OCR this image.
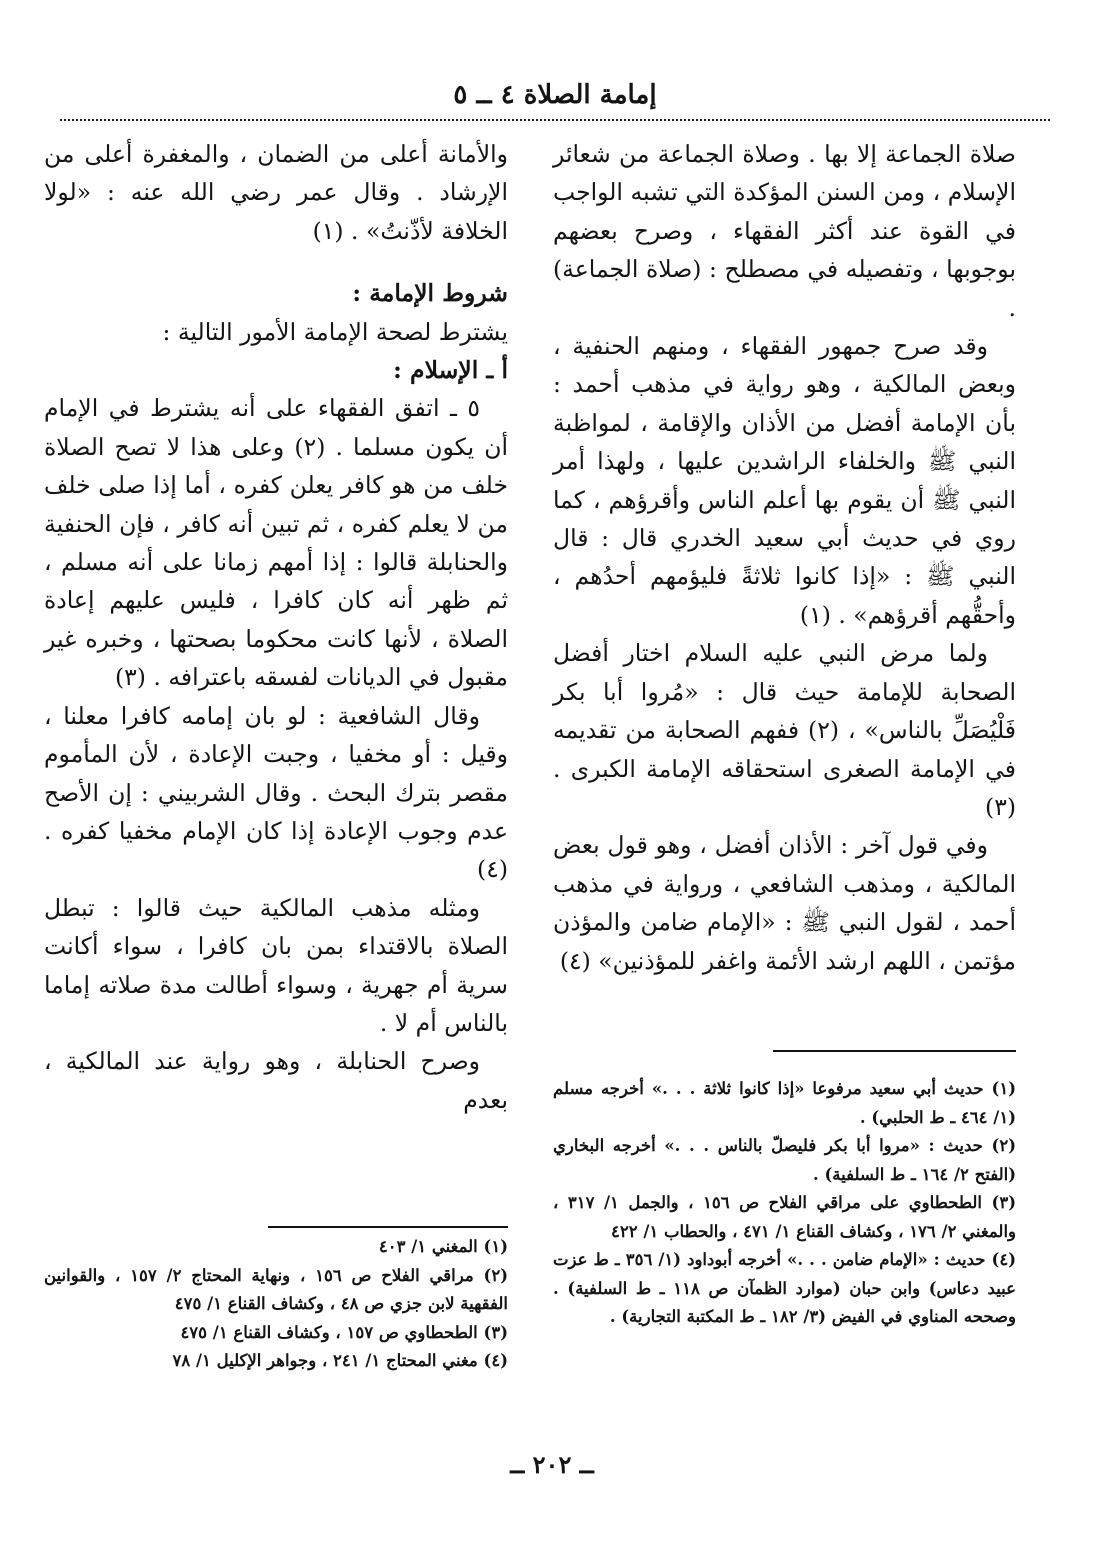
إمامة الصلاة ٤ ــ ٥

صلاة الجماعة إلا بها . وصلاة الجماعة من شعائر الإسلام ، ومن السنن المؤكدة التي تشبه الواجب في القوة عند أكثر الفقهاء ، وصرح بعضهم بوجوبها ، وتفصيله في مصطلح : (صلاة الجماعة) .

وقد صرح جمهور الفقهاء ، ومنهم الحنفية ، وبعض المالكية ، وهو رواية في مذهب أحمد : بأن الإمامة أفضل من الأذان والإقامة ، لمواظبة النبي ﷺ والخلفاء الراشدين عليها ، ولهذا أمر النبي ﷺ أن يقوم بها أعلم الناس وأقرؤهم ، كما روي في حديث أبي سعيد الخدري قال : قال النبي ﷺ : «إذا كانوا ثلاثةً فليؤمهم أحدُهم ، وأحقُّهم أقرؤهم» . (١)

ولما مرض النبي عليه السلام اختار أفضل الصحابة للإمامة حيث قال : «مُروا أبا بكر فَلْيُصَلِّ بالناس» ، (٢) ففهم الصحابة من تقديمه في الإمامة الصغرى استحقاقه الإمامة الكبرى . (٣)

وفي قول آخر : الأذان أفضل ، وهو قول بعض المالكية ، ومذهب الشافعي ، ورواية في مذهب أحمد ، لقول النبي ﷺ : «الإمام ضامن والمؤذن مؤتمن ، اللهم ارشد الأئمة واغفر للمؤذنين» (٤)

والأمانة أعلى من الضمان ، والمغفرة أعلى من الإرشاد . وقال عمر رضي الله عنه : «لولا الخلافة لأذّنتُ» . (١)

شروط الإمامة :

يشترط لصحة الإمامة الأمور التالية :

أ ـ الإسلام :

٥ ـ اتفق الفقهاء على أنه يشترط في الإمام أن يكون مسلما . (٢) وعلى هذا لا تصح الصلاة خلف من هو كافر يعلن كفره ، أما إذا صلى خلف من لا يعلم كفره ، ثم تبين أنه كافر ، فإن الحنفية والحنابلة قالوا : إذا أمهم زمانا على أنه مسلم ، ثم ظهر أنه كان كافرا ، فليس عليهم إعادة الصلاة ، لأنها كانت محكوما بصحتها ، وخبره غير مقبول في الديانات لفسقه باعترافه . (٣)

وقال الشافعية : لو بان إمامه كافرا معلنا ، وقيل : أو مخفيا ، وجبت الإعادة ، لأن المأموم مقصر بترك البحث . وقال الشربيني : إن الأصح عدم وجوب الإعادة إذا كان الإمام مخفيا كفره . (٤)

ومثله مذهب المالكية حيث قالوا : تبطل الصلاة بالاقتداء بمن بان كافرا ، سواء أكانت سرية أم جهرية ، وسواء أطالت مدة صلاته إماما بالناس أم لا .

وصرح الحنابلة ، وهو رواية عند المالكية ، بعدم	(١) حديث أبي سعيد مرفوعا «إذا كانوا ثلاثة . . .» أخرجه مسلم (١/ ٤٦٤ ـ ط الحلبي) .

(٢) حديث : «مروا أبا بكر فليصلّ بالناس . . .» أخرجه البخاري (الفتح ٢/ ١٦٤ ـ ط السلفية) .

(٣) الطحطاوي على مراقي الفلاح ص ١٥٦ ، والجمل ١/ ٣١٧ ، والمغني ٢/ ١٧٦ ، وكشاف القناع ١/ ٤٧١ ، والحطاب ١/ ٤٢٢

(٤) حديث : «الإمام ضامن . . .» أخرجه أبوداود (١/ ٣٥٦ ـ ط عزت عبيد دعاس) وابن حبان (موارد الظمآن ص ١١٨ ـ ط السلفية) . وصححه المناوي في الفيض (٣/ ١٨٢ ـ ط المكتبة التجارية) .

(١) المغني ١/ ٤٠٣

(٢) مراقي الفلاح ص ١٥٦ ، ونهاية المحتاج ٢/ ١٥٧ ، والقوانين الفقهية لابن جزي ص ٤٨ ، وكشاف القناع ١/ ٤٧٥

(٣) الطحطاوي ص ١٥٧ ، وكشاف القناع ١/ ٤٧٥

(٤) مغني المحتاج ١/ ٢٤١ ، وجواهر الإكليل ١/ ٧٨

ــ ٢٠٢ ــ
